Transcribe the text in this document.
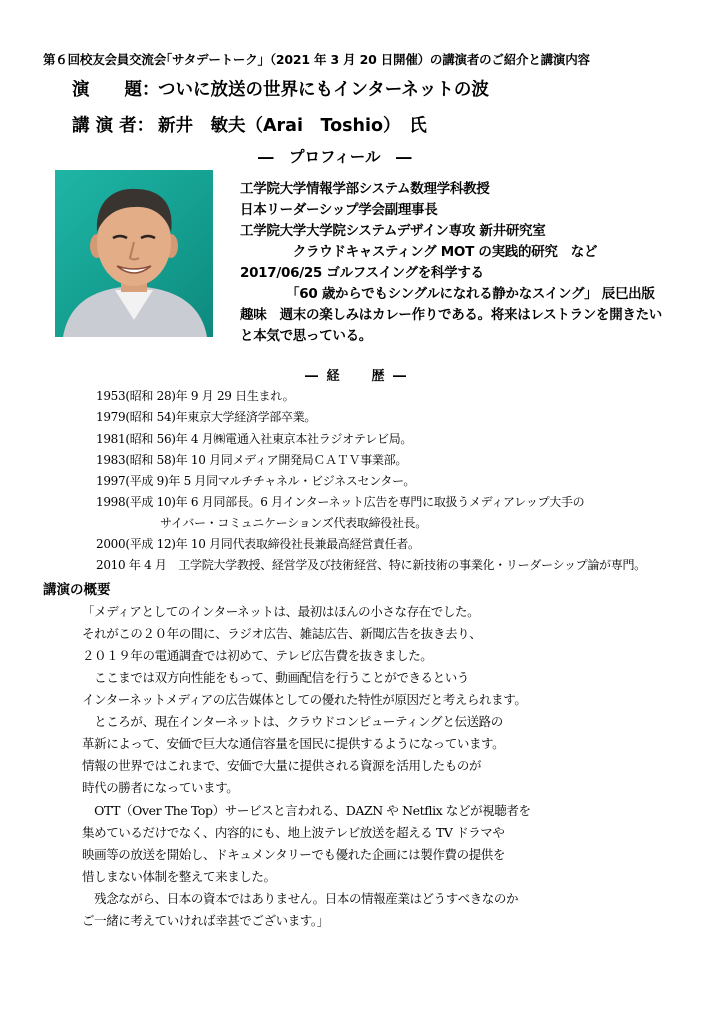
第６回校友会員交流会｢サタデートーク｣（2021 年 3 月 20 日開催）の講演者のご紹介と講演内容
演　　題：ついに放送の世界にもインターネットの波
講 演 者： 新井　敏夫（Arai　Toshio）　氏
―　プロフィール　―
工学院大学情報学部システム数理学科教授
日本リーダーシップ学会副理事長
工学院大学大学院システムデザイン専攻 新井研究室
　　　　クラウドキャスティング MOT の実践的研究　など
2017/06/25 ゴルフスイングを科学する
　　　　「60 歳からでもシングルになれる静かなスイング」 辰巳出版
趣味　週末の楽しみはカレー作りである。将来はレストランを開きたい
と本気で思っている。
― 経　　歴 ―
1953(昭和 28)年 9 月 29 日生まれ。
1979(昭和 54)年東京大学経済学部卒業。
1981(昭和 56)年 4 月㈱電通入社東京本社ラジオテレビ局。
1983(昭和 58)年 10 月同メディア開発局ＣＡＴＶ事業部。
1997(平成 9)年 5 月同マルチチャネル・ビジネスセンター。
1998(平成 10)年 6 月同部長。6 月インターネット広告を専門に取扱うメディアレップ大手の
サイバー・コミュニケーションズ代表取締役社長。
2000(平成 12)年 10 月同代表取締役社長兼最高経営責任者。
2010 年 4 月　工学院大学教授、経営学及び技術経営、特に新技術の事業化・リーダーシップ論が専門。
講演の概要
「メディアとしてのインターネットは、最初はほんの小さな存在でした。
それがこの２０年の間に、ラジオ広告、雑誌広告、新聞広告を抜き去り、
２０１９年の電通調査では初めて、テレビ広告費を抜きました。
　ここまでは双方向性能をもって、動画配信を行うことができるという
インターネットメディアの広告媒体としての優れた特性が原因だと考えられます。
　ところが、現在インターネットは、クラウドコンピューティングと伝送路の
革新によって、安価で巨大な通信容量を国民に提供するようになっています。
情報の世界ではこれまで、安価で大量に提供される資源を活用したものが
時代の勝者になっています。
　OTT（Over The Top）サービスと言われる、DAZN や Netflix などが視聴者を
集めているだけでなく、内容的にも、地上波テレビ放送を超える TV ドラマや
映画等の放送を開始し、ドキュメンタリーでも優れた企画には製作費の提供を
惜しまない体制を整えて来ました。
　残念ながら、日本の資本ではありません。日本の情報産業はどうすべきなのか
ご一緒に考えていければ幸甚でございます。」
